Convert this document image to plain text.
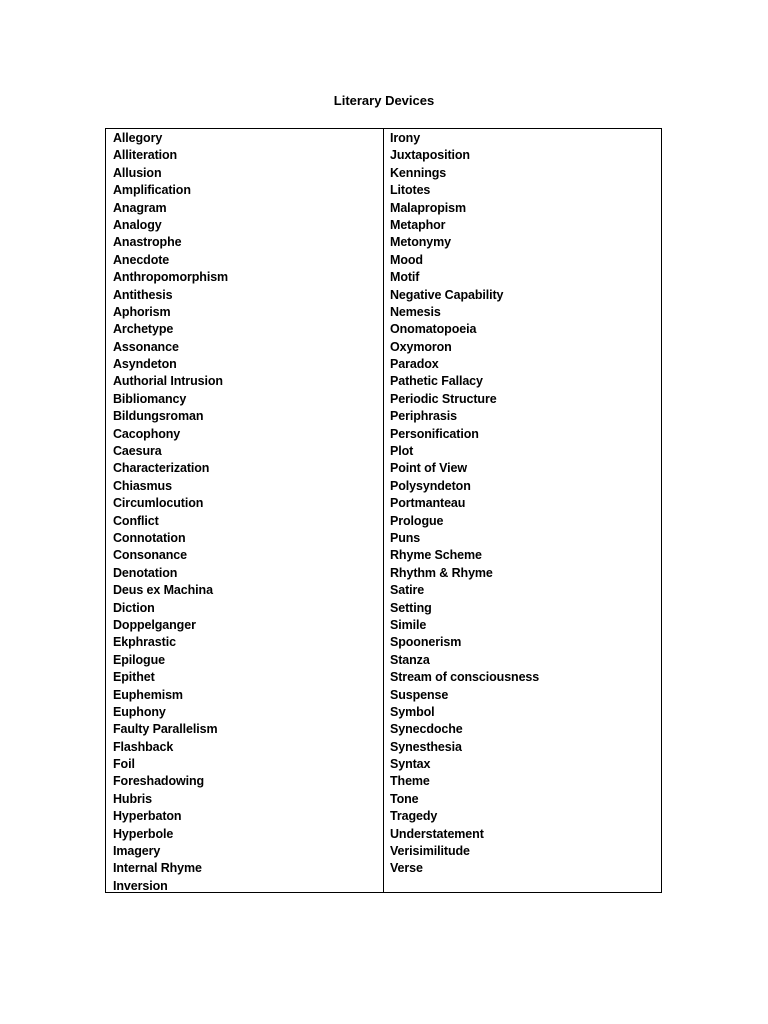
Literary Devices
Allegory
Alliteration
Allusion
Amplification
Anagram
Analogy
Anastrophe
Anecdote
Anthropomorphism
Antithesis
Aphorism
Archetype
Assonance
Asyndeton
Authorial Intrusion
Bibliomancy
Bildungsroman
Cacophony
Caesura
Characterization
Chiasmus
Circumlocution
Conflict
Connotation
Consonance
Denotation
Deus ex Machina
Diction
Doppelganger
Ekphrastic
Epilogue
Epithet
Euphemism
Euphony
Faulty Parallelism
Flashback
Foil
Foreshadowing
Hubris
Hyperbaton
Hyperbole
Imagery
Internal Rhyme
Inversion
Irony
Juxtaposition
Kennings
Litotes
Malapropism
Metaphor
Metonymy
Mood
Motif
Negative Capability
Nemesis
Onomatopoeia
Oxymoron
Paradox
Pathetic Fallacy
Periodic Structure
Periphrasis
Personification
Plot
Point of View
Polysyndeton
Portmanteau
Prologue
Puns
Rhyme Scheme
Rhythm & Rhyme
Satire
Setting
Simile
Spoonerism
Stanza
Stream of consciousness
Suspense
Symbol
Synecdoche
Synesthesia
Syntax
Theme
Tone
Tragedy
Understatement
Verisimilitude
Verse
